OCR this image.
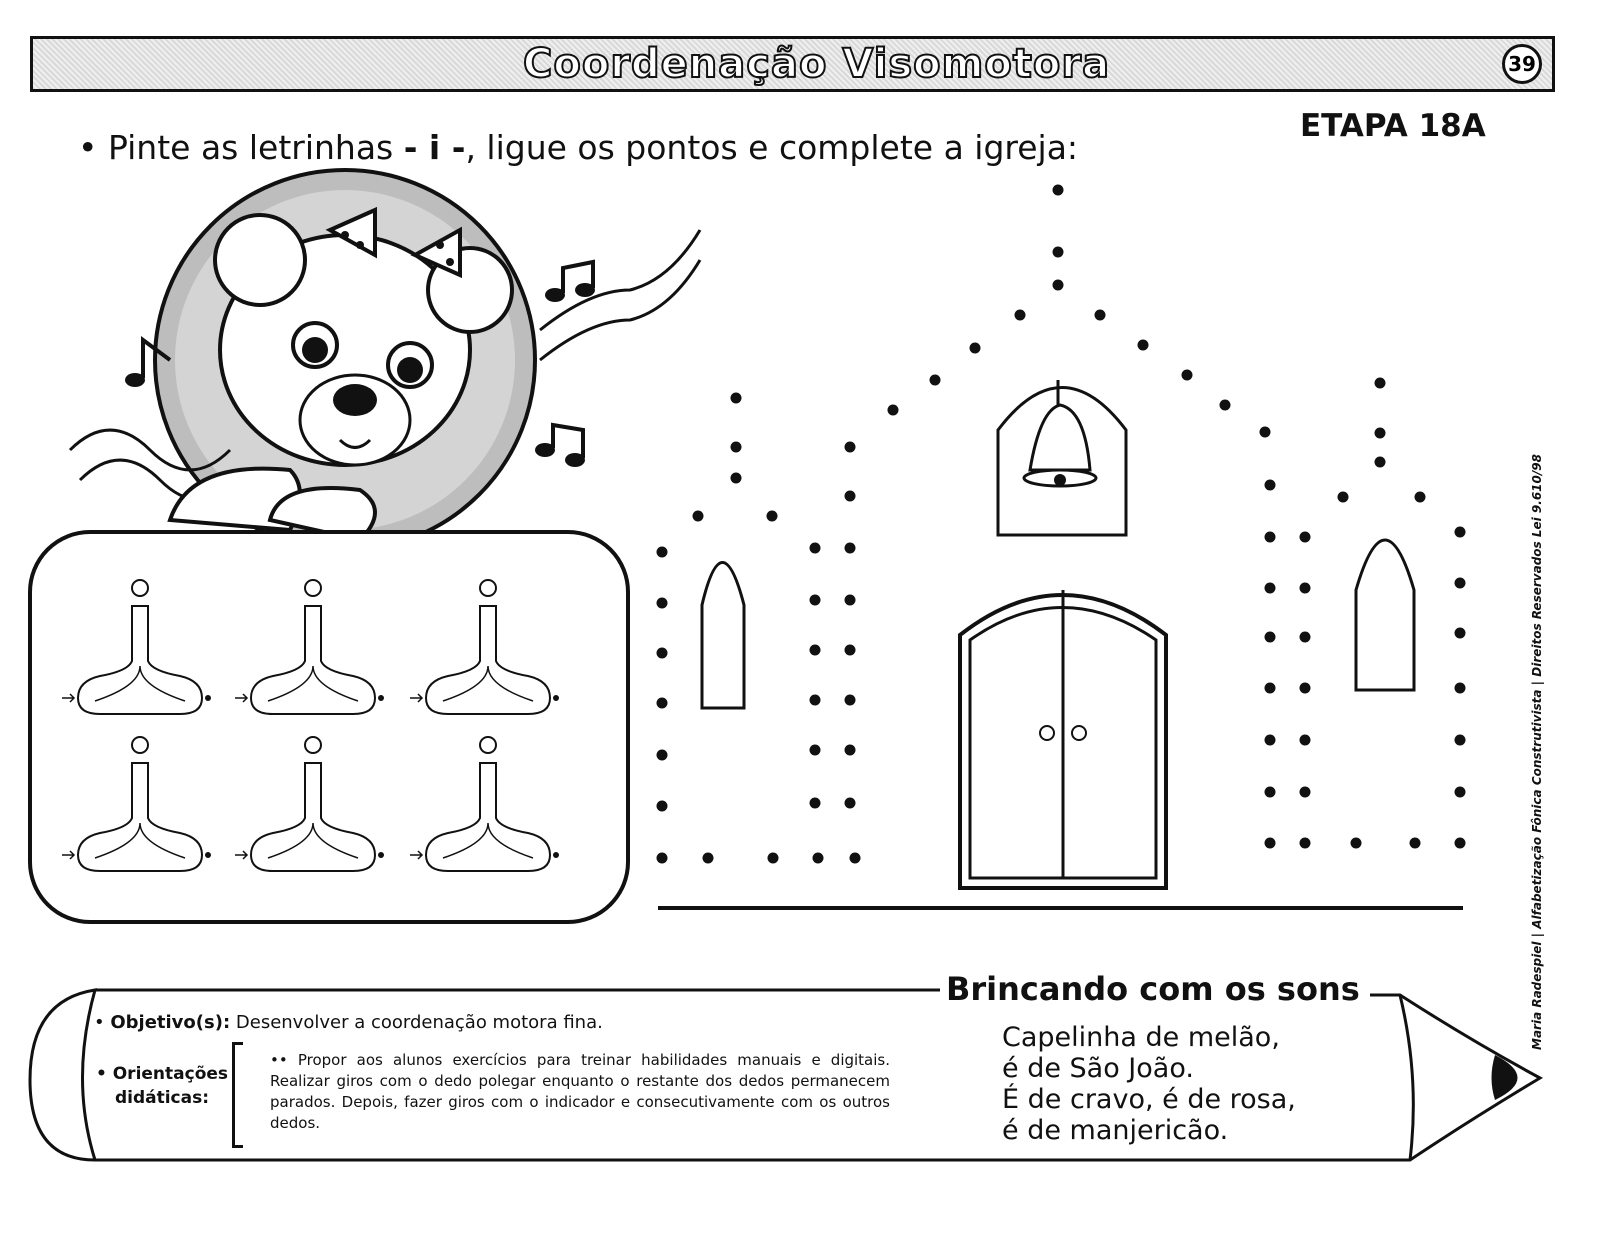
Coordenação Visomotora	39
ETAPA 18A
• Pinte as letrinhas - i -, ligue os pontos e complete a igreja:
Maria Radespiel | Alfabetização Fônica Construtivista | Direitos Reservados Lei 9.610/98
Brincando com os sons
Capelinha de melão,
é de São João.
É de cravo, é de rosa,
é de manjericão.
• Objetivo(s): Desenvolver a coordenação motora fina.
• Orientações
didáticas:
•• Propor aos alunos exercícios para treinar habilidades manuais e digitais. Realizar giros com o dedo polegar enquanto o restante dos dedos permanecem parados. Depois, fazer giros com o indicador e consecutivamente com os outros dedos.
